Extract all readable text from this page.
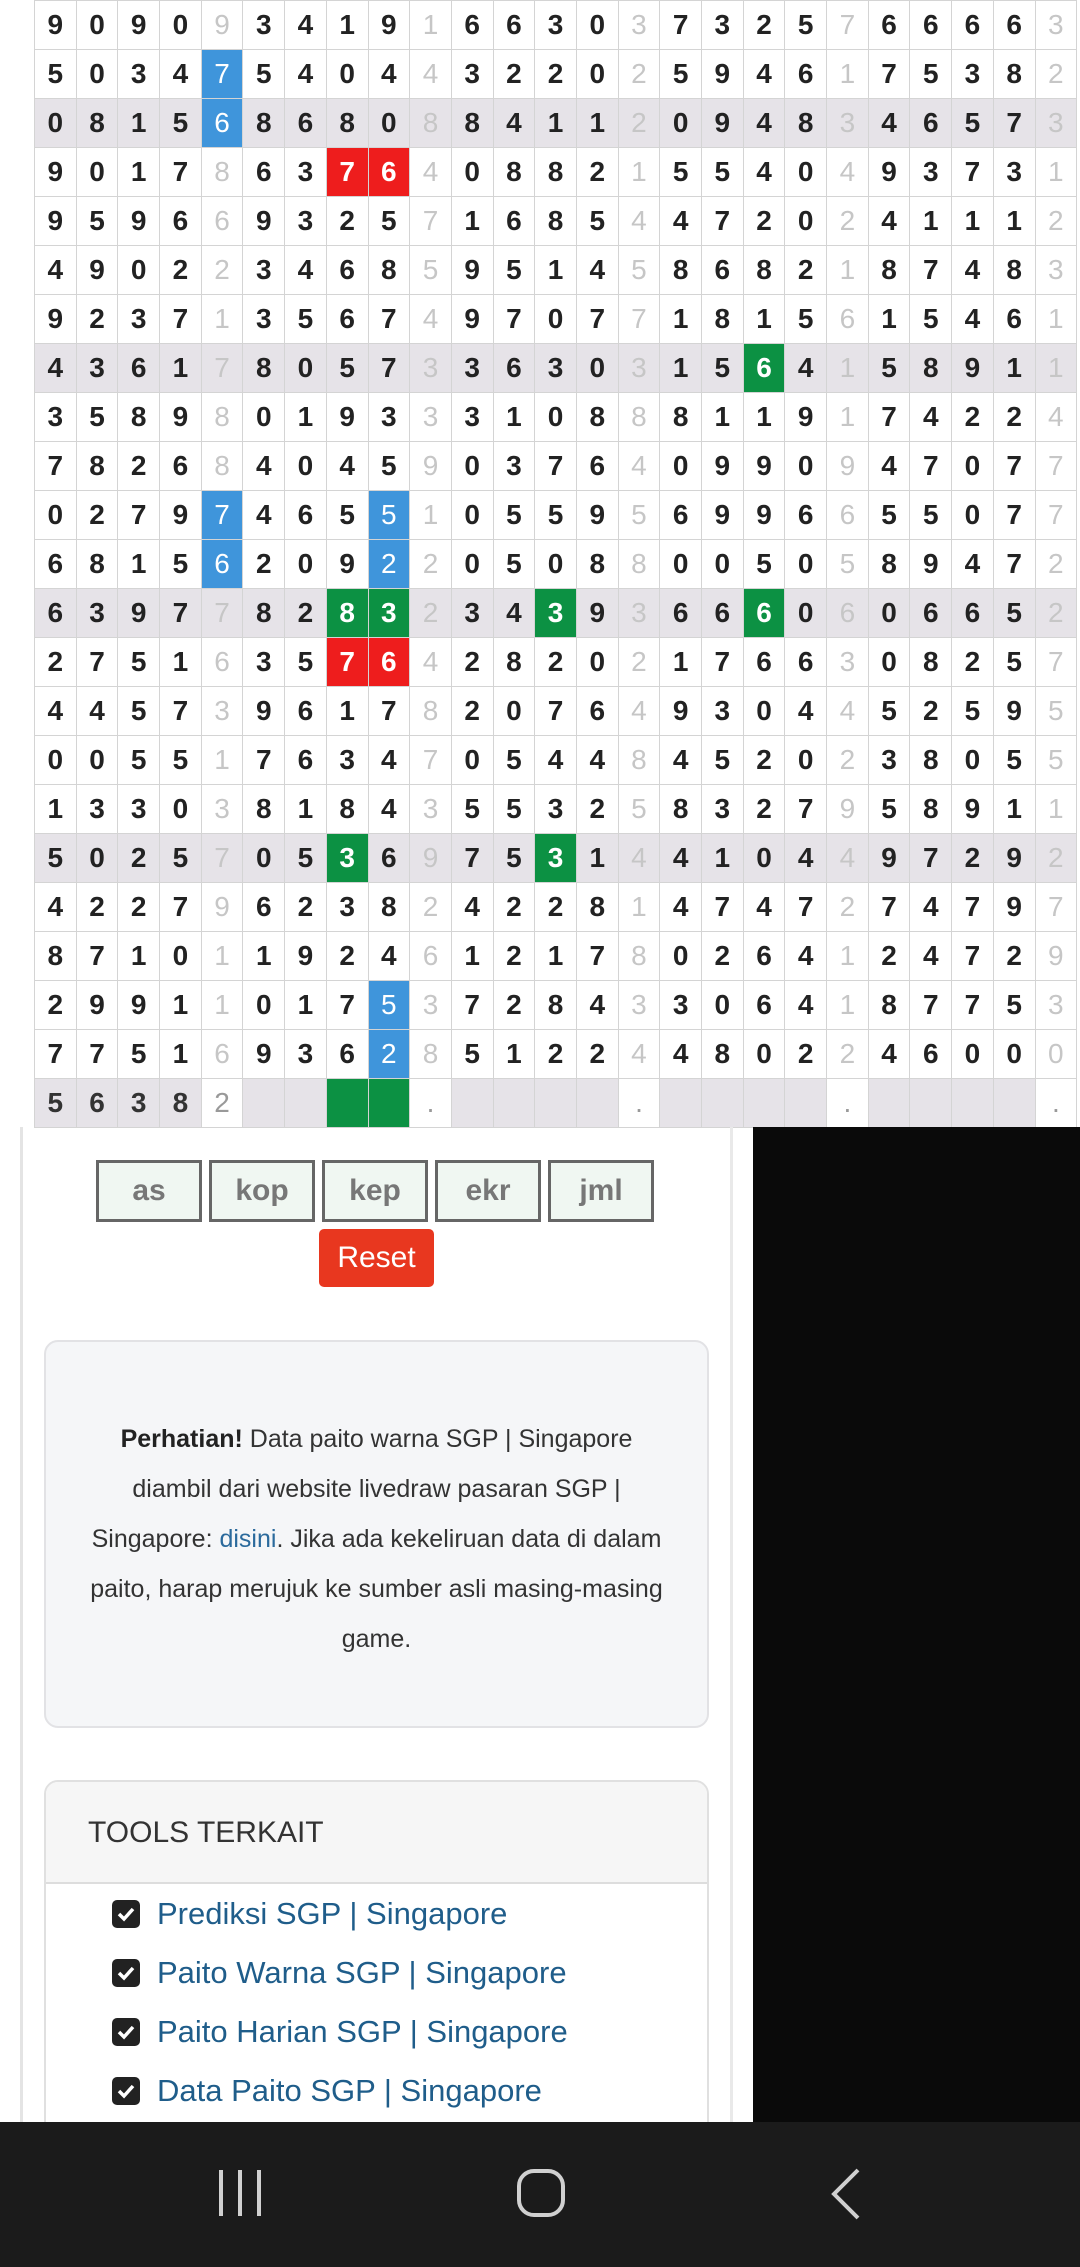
9	0	9	0	9	3	4	1	9	1	6	6	3	0	3	7	3	2	5	7	6	6	6	6	3
5	0	3	4	7	5	4	0	4	4	3	2	2	0	2	5	9	4	6	1	7	5	3	8	2
0	8	1	5	6	8	6	8	0	8	8	4	1	1	2	0	9	4	8	3	4	6	5	7	3
9	0	1	7	8	6	3	7	6	4	0	8	8	2	1	5	5	4	0	4	9	3	7	3	1
9	5	9	6	6	9	3	2	5	7	1	6	8	5	4	4	7	2	0	2	4	1	1	1	2
4	9	0	2	2	3	4	6	8	5	9	5	1	4	5	8	6	8	2	1	8	7	4	8	3
9	2	3	7	1	3	5	6	7	4	9	7	0	7	7	1	8	1	5	6	1	5	4	6	1
4	3	6	1	7	8	0	5	7	3	3	6	3	0	3	1	5	6	4	1	5	8	9	1	1
3	5	8	9	8	0	1	9	3	3	3	1	0	8	8	8	1	1	9	1	7	4	2	2	4
7	8	2	6	8	4	0	4	5	9	0	3	7	6	4	0	9	9	0	9	4	7	0	7	7
0	2	7	9	7	4	6	5	5	1	0	5	5	9	5	6	9	9	6	6	5	5	0	7	7
6	8	1	5	6	2	0	9	2	2	0	5	0	8	8	0	0	5	0	5	8	9	4	7	2
6	3	9	7	7	8	2	8	3	2	3	4	3	9	3	6	6	6	0	6	0	6	6	5	2
2	7	5	1	6	3	5	7	6	4	2	8	2	0	2	1	7	6	6	3	0	8	2	5	7
4	4	5	7	3	9	6	1	7	8	2	0	7	6	4	9	3	0	4	4	5	2	5	9	5
0	0	5	5	1	7	6	3	4	7	0	5	4	4	8	4	5	2	0	2	3	8	0	5	5
1	3	3	0	3	8	1	8	4	3	5	5	3	2	5	8	3	2	7	9	5	8	9	1	1
5	0	2	5	7	0	5	3	6	9	7	5	3	1	4	4	1	0	4	4	9	7	2	9	2
4	2	2	7	9	6	2	3	8	2	4	2	2	8	1	4	7	4	7	2	7	4	7	9	7
8	7	1	0	1	1	9	2	4	6	1	2	1	7	8	0	2	6	4	1	2	4	7	2	9
2	9	9	1	1	0	1	7	5	3	7	2	8	4	3	3	0	6	4	1	8	7	7	5	3
7	7	5	1	6	9	3	6	2	8	5	1	2	2	4	4	8	0	2	2	4	6	0	0	0
5	6	3	8	2					.					.					.					.
as	kop	kep	ekr	jml
Reset
Perhatian! Data paito warna SGP | Singapore diambil dari website livedraw pasaran SGP | Singapore: disini. Jika ada kekeliruan data di dalam paito, harap merujuk ke sumber asli masing-masing game.
TOOLS TERKAIT
Prediksi SGP | Singapore
Paito Warna SGP | Singapore
Paito Harian SGP | Singapore
Data Paito SGP | Singapore
